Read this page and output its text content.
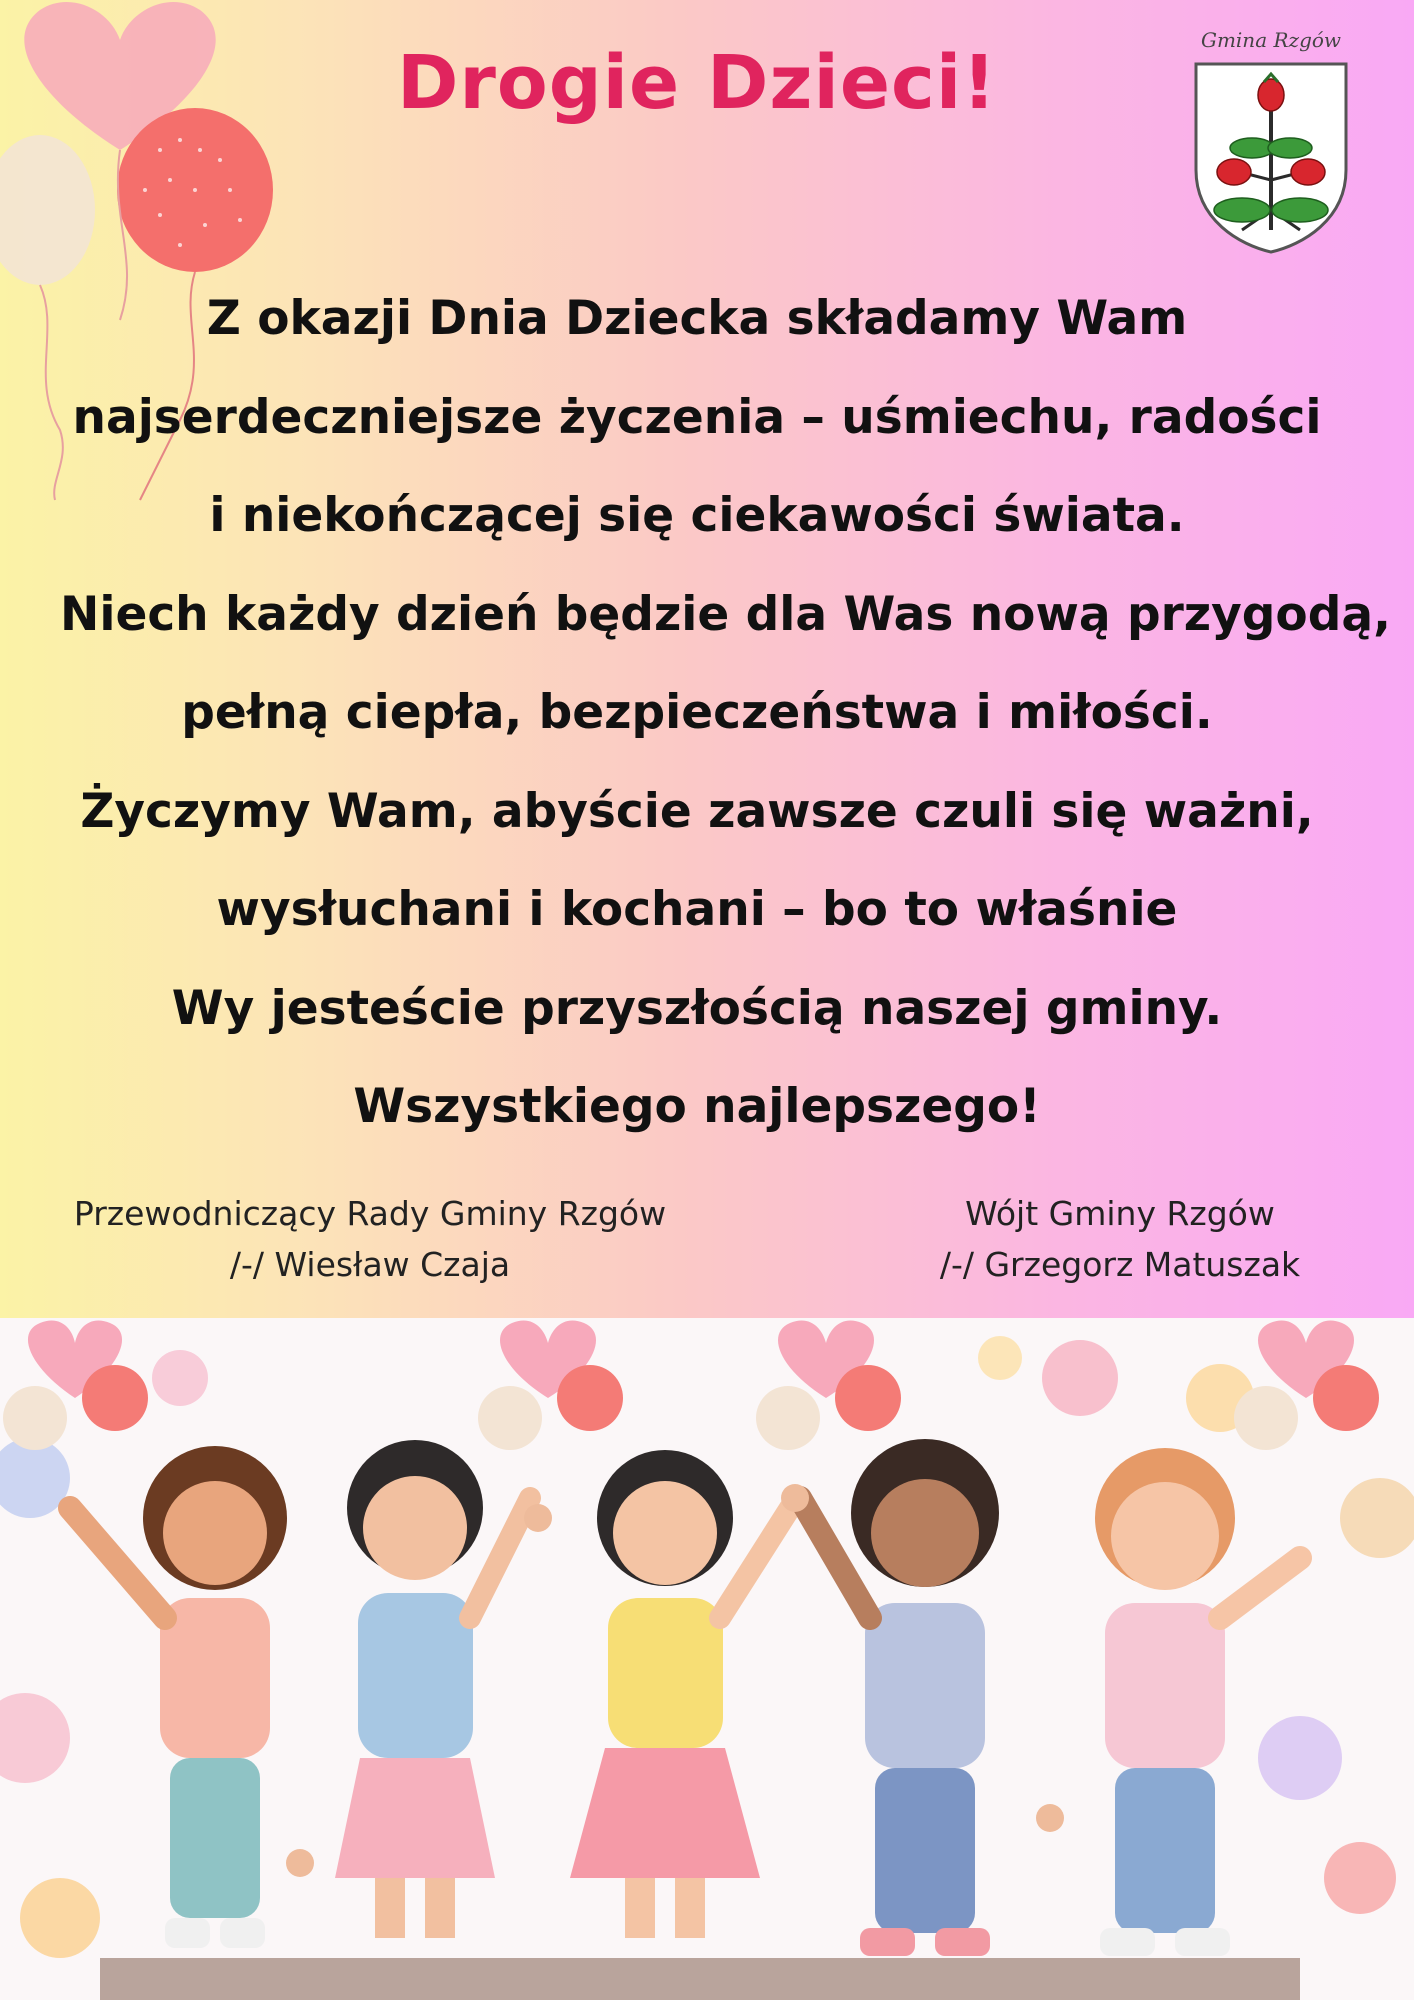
Drogie Dzieci!	Gmina Rzgów
Z okazji Dnia Dziecka składamy Wam
najserdeczniejsze życzenia – uśmiechu, radości
i niekończącej się ciekawości świata.
Niech każdy dzień będzie dla Was nową przygodą,
pełną ciepła, bezpieczeństwa i miłości.
Życzymy Wam, abyście zawsze czuli się ważni,
wysłuchani i kochani – bo to właśnie
Wy jesteście przyszłością naszej gminy.
Wszystkiego najlepszego!
Przewodniczący Rady Gminy Rzgów
/-/ Wiesław Czaja
Wójt Gminy Rzgów
/-/ Grzegorz Matuszak
